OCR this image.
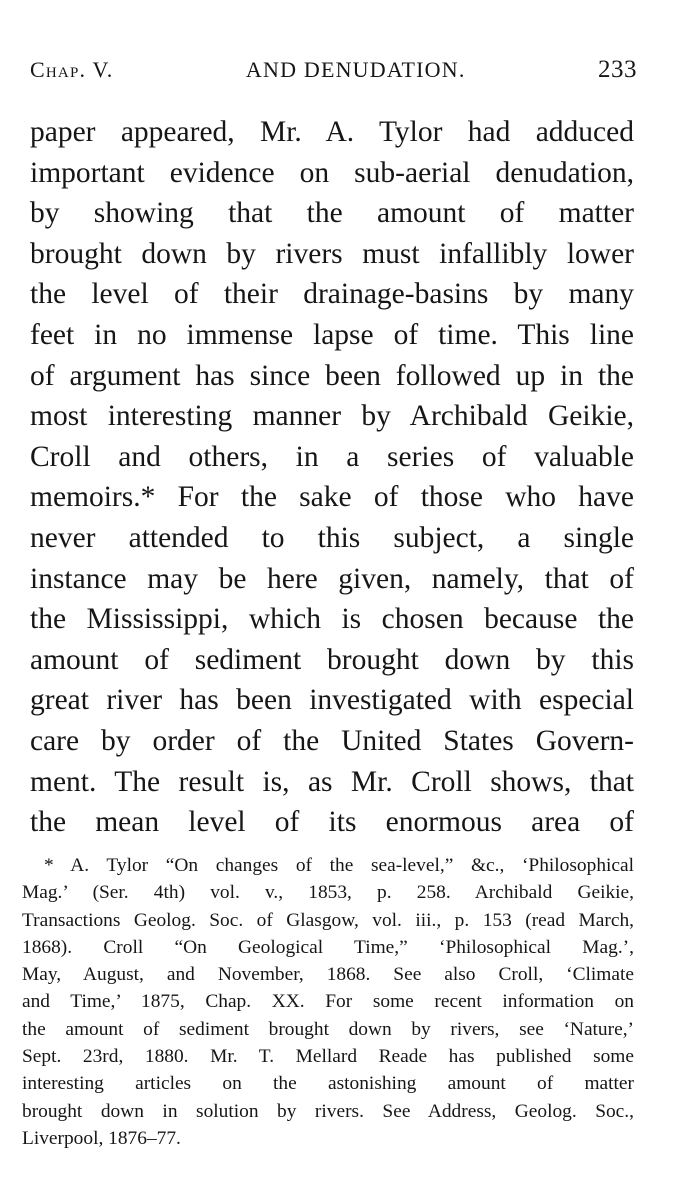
Chap. V.	AND DENUDATION.	233
paper appeared, Mr. A. Tylor had adduced
important evidence on sub-aerial denudation,
by showing that the amount of matter
brought down by rivers must infallibly lower
the level of their drainage-basins by many
feet in no immense lapse of time. This line
of argument has since been followed up in the
most interesting manner by Archibald Geikie,
Croll and others, in a series of valuable
memoirs.* For the sake of those who have
never attended to this subject, a single
instance may be here given, namely, that of
the Mississippi, which is chosen because the
amount of sediment brought down by this
great river has been investigated with especial
care by order of the United States Govern-
ment. The result is, as Mr. Croll shows, that
the mean level of its enormous area of
* A. Tylor “On changes of the sea-level,” &c., ‘Philosophical
Mag.’ (Ser. 4th) vol. v., 1853, p. 258. Archibald Geikie,
Transactions Geolog. Soc. of Glasgow, vol. iii., p. 153 (read March,
1868). Croll “On Geological Time,” ‘Philosophical Mag.’,
May, August, and November, 1868. See also Croll, ‘Climate
and Time,’ 1875, Chap. XX. For some recent information on
the amount of sediment brought down by rivers, see ‘Nature,’
Sept. 23rd, 1880. Mr. T. Mellard Reade has published some
interesting articles on the astonishing amount of matter
brought down in solution by rivers. See Address, Geolog. Soc.,
Liverpool, 1876–77.
